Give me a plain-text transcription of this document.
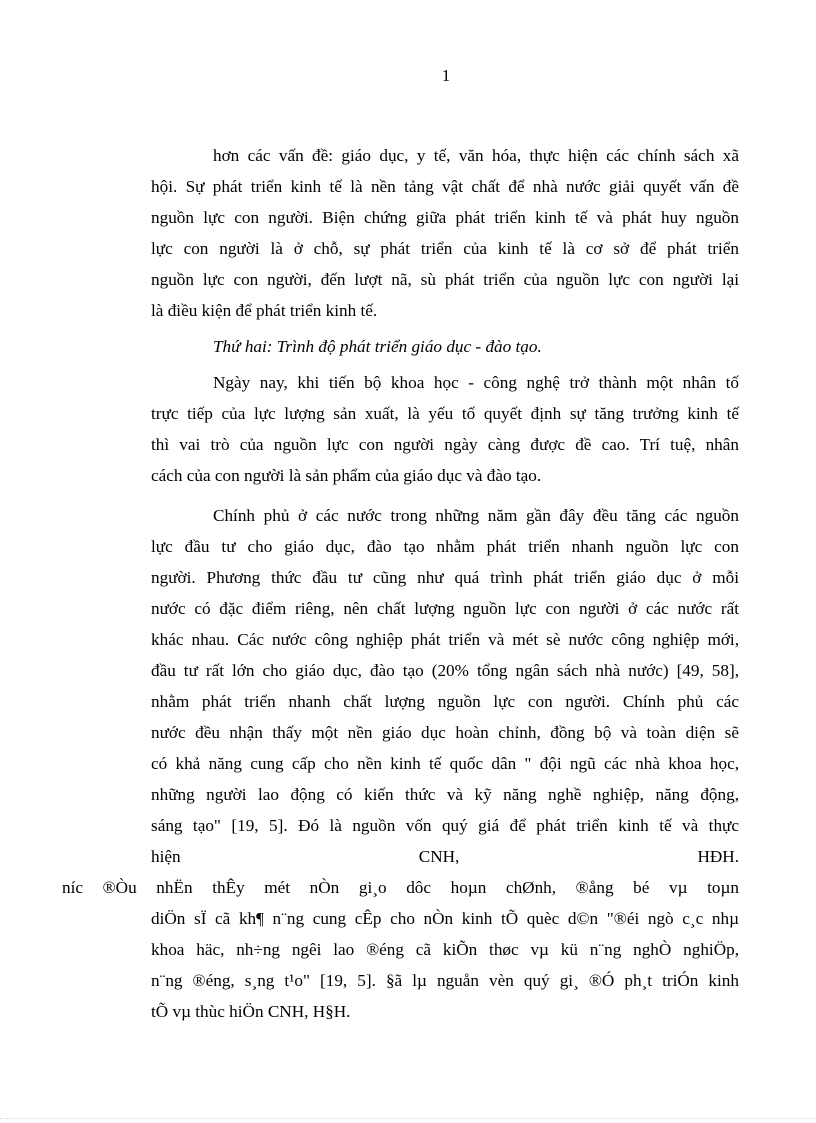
1
hơn các vấn đề: giáo dục, y tế, văn hóa, thực hiện các chính sách xã
hội. Sự phát triển kinh tế là nền tảng vật chất để nhà nước giải quyết vấn đề
nguồn lực con người. Biện chứng giữa phát triển kinh tế và phát huy nguồn
lực con người là ở chỗ, sự phát triển của kinh tế là cơ sở để phát triển
nguồn lực con người, đến lượt nã, sù phát triển của nguồn lực con người lại
là điều kiện để phát triển kinh tế.
Thứ hai: Trình độ phát triển giáo dục - đào tạo.
Ngày nay, khi tiến bộ khoa học - công nghệ trở thành một nhân tố
trực tiếp của lực lượng sản xuất, là yếu tố quyết định sự tăng trưởng kinh tế
thì vai trò của nguồn lực con người ngày càng được đề cao. Trí tuệ, nhân
cách của con người là sản phẩm của giáo dục và đào tạo.
Chính phủ ở các nước trong những năm gần đây đều tăng các nguồn
lực đầu tư cho giáo dục, đào tạo nhằm phát triển nhanh nguồn lực con
người. Phương thức đầu tư cũng như quá trình phát triển giáo dục ở mỗi
nước có đặc điểm riêng, nên chất lượng nguồn lực con người ở các nước rất
khác nhau. Các nước công nghiệp phát triển và mét sè nước công nghiệp mới,
đầu tư rất lớn cho giáo dục, đào tạo (20% tổng ngân sách nhà nước) [49, 58],
nhằm phát triển nhanh chất lượng nguồn lực con người. Chính phủ các
nước đều nhận thấy một nền giáo dục hoàn chỉnh, đồng bộ và toàn diện sẽ
có khả năng cung cấp cho nền kinh tế quốc dân " đội ngũ các nhà khoa học,
những người lao động có kiến thức và kỹ năng nghề nghiệp, năng động,
sáng tạo" [19, 5]. Đó là nguồn vốn quý giá để phát triển kinh tế và thực
hiện CNH, HĐH.
níc ®Òu nhËn thÊy mét nÒn gi¸o dôc hoµn chØnh, ®ång bé vµ toµn
diÖn sÏ cã kh¶ n¨ng cung cÊp cho nÒn kinh tÕ quèc d©n "®éi ngò c¸c nhµ
khoa häc, nh÷ng ngêi lao ®éng cã kiÕn thøc vµ kü n¨ng nghÒ nghiÖp,
n¨ng ®éng, s¸ng t¹o" [19, 5]. §ã lµ nguån vèn quý gi¸ ®Ó ph¸t triÓn kinh
tÕ vµ thùc hiÖn CNH, H§H.
